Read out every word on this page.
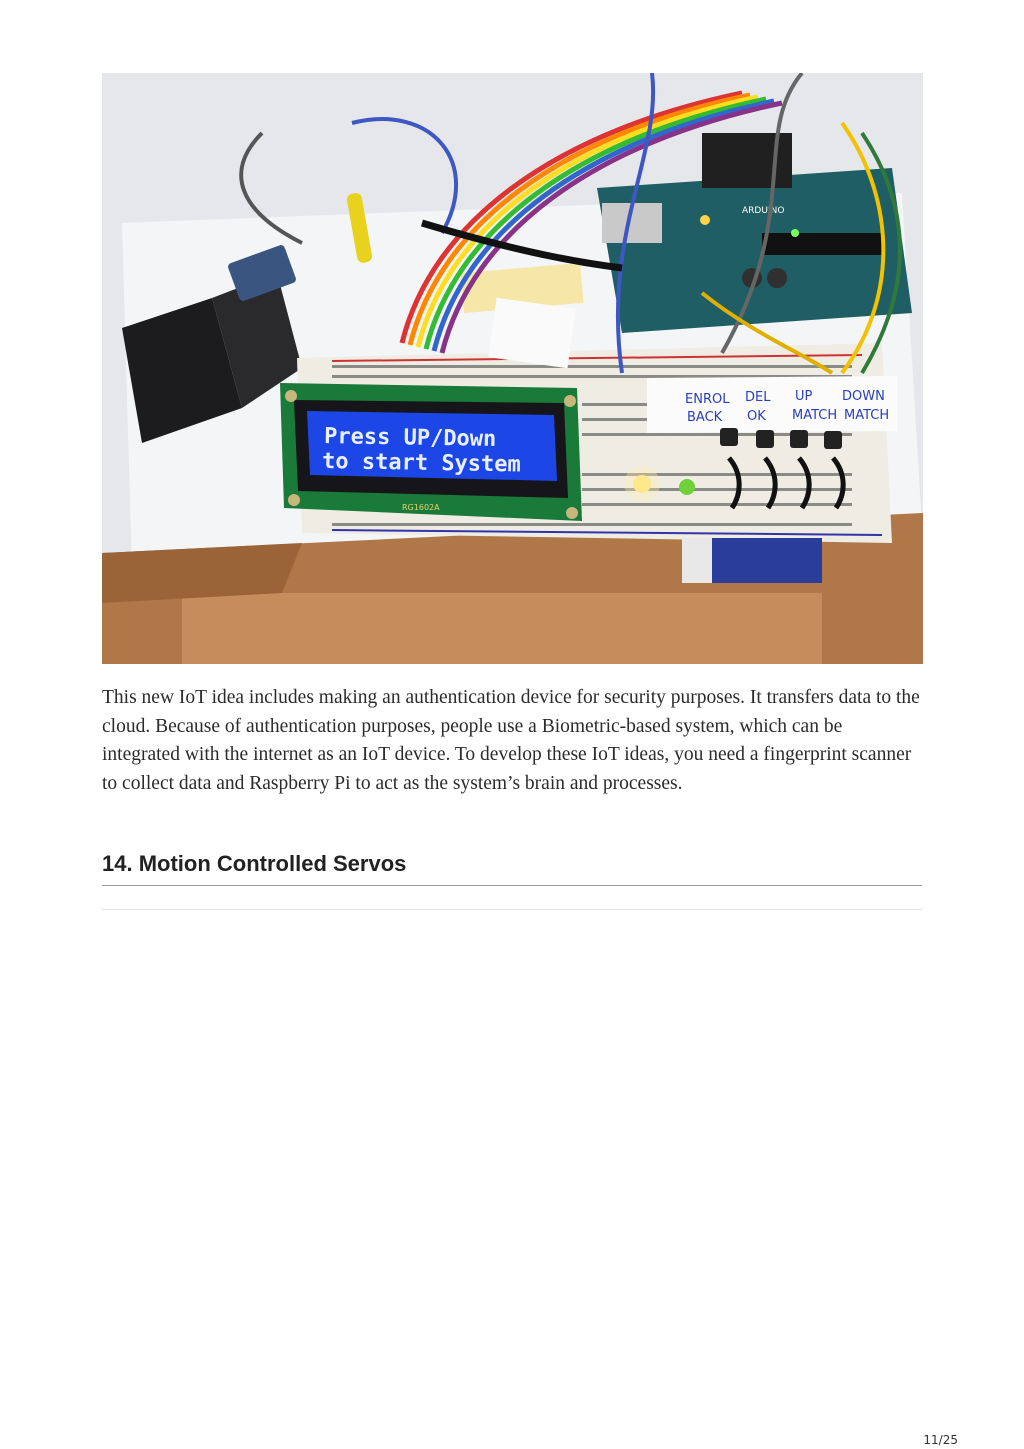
ARDUINO
Press UP/Down
to start System
RG1602A
ENROL DEL UP DOWN
BACK OK MATCH MATCH

This new IoT idea includes making an authentication device for security purposes. It transfers data to the cloud. Because of authentication purposes, people use a Biometric-based system, which can be integrated with the internet as an IoT device. To develop these IoT ideas, you need a fingerprint scanner to collect data and Raspberry Pi to act as the system’s brain and processes.

14. Motion Controlled Servos
11/25
